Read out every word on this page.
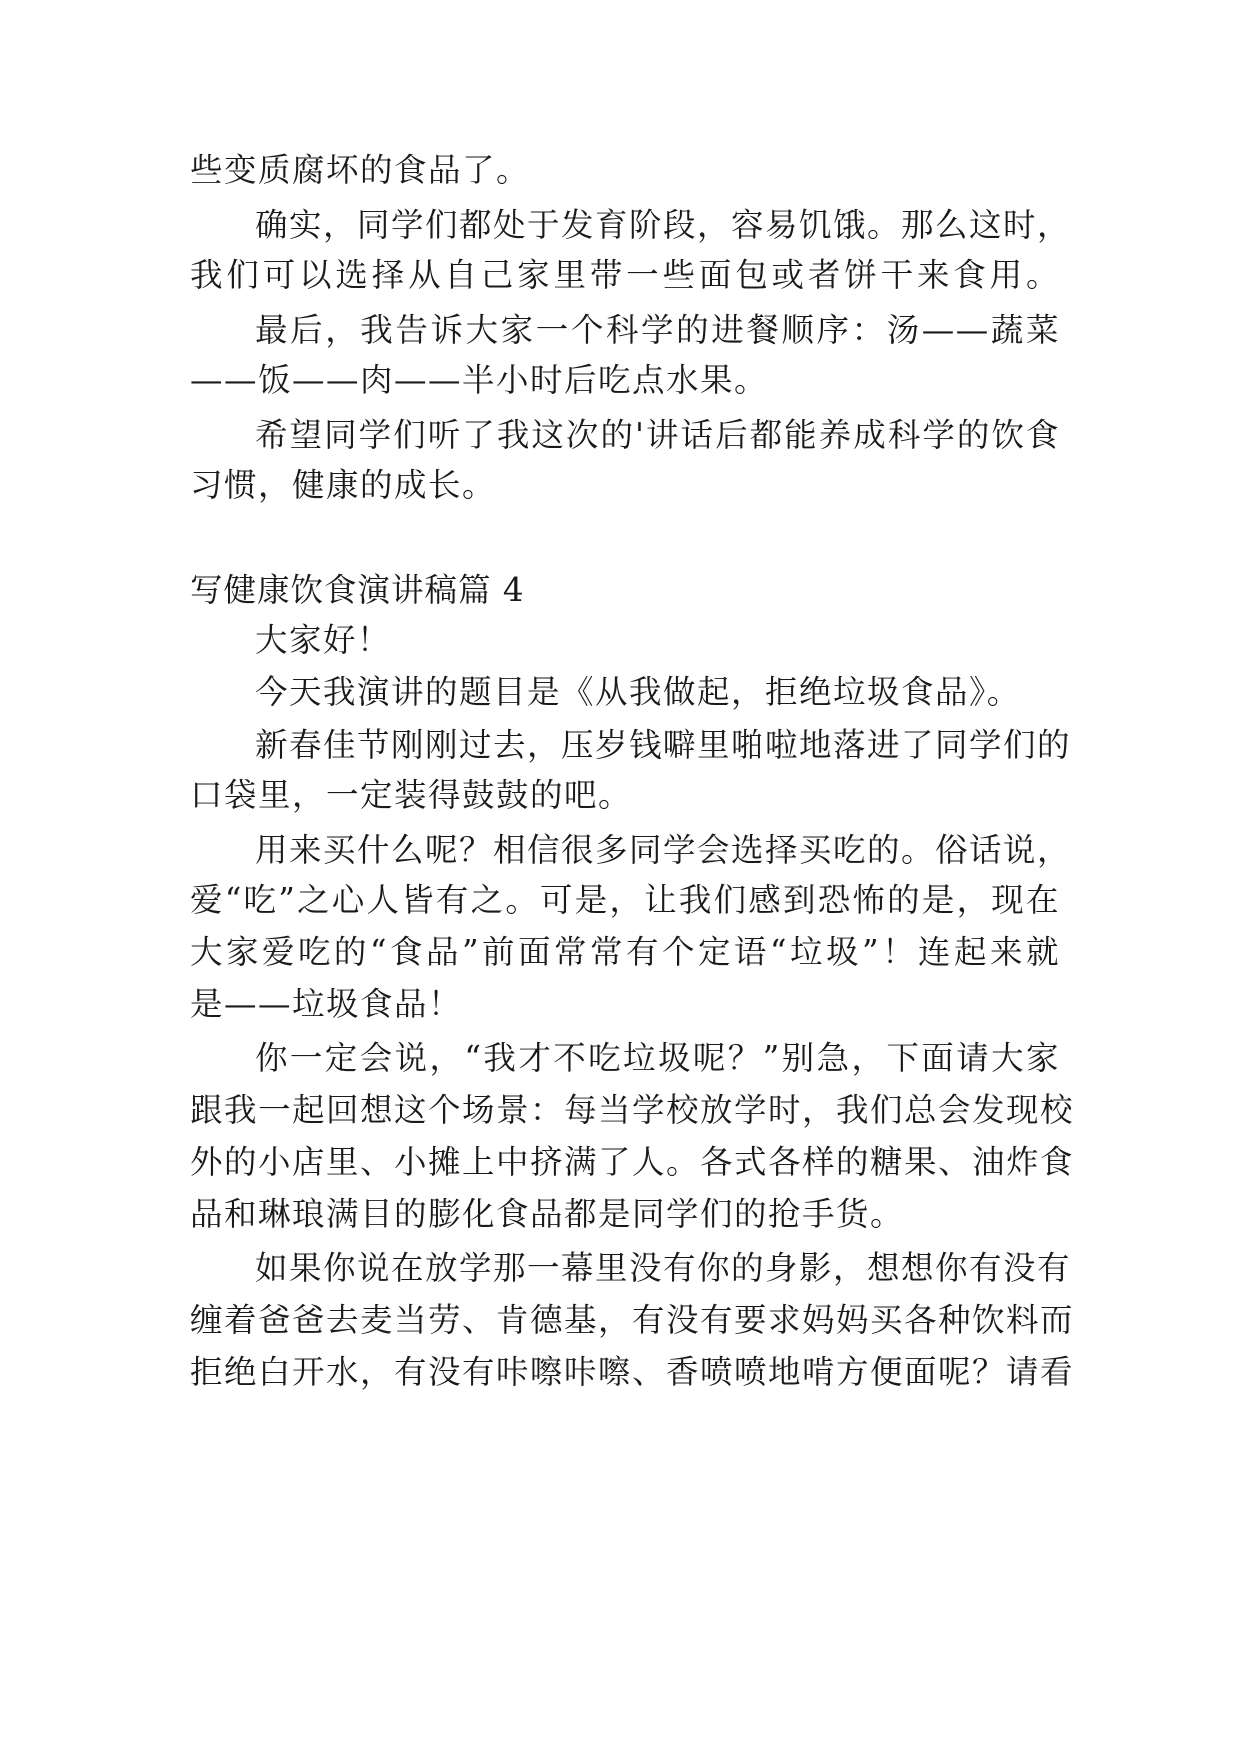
些变质腐坏的食品了。
确实，同学们都处于发育阶段，容易饥饿。那么这时，
我们可以选择从自己家里带一些面包或者饼干来食用。
最后，我告诉大家一个科学的进餐顺序：汤——蔬菜
——饭——肉——半小时后吃点水果。
希望同学们听了我这次的'讲话后都能养成科学的饮食
习惯，健康的成长。
写健康饮食演讲稿篇 4
大家好！
今天我演讲的题目是《从我做起，拒绝垃圾食品》。
新春佳节刚刚过去，压岁钱噼里啪啦地落进了同学们的
口袋里，一定装得鼓鼓的吧。
用来买什么呢？相信很多同学会选择买吃的。俗话说，
爱“吃”之心人皆有之。可是，让我们感到恐怖的是，现在
大家爱吃的“食品”前面常常有个定语“垃圾”！连起来就
是——垃圾食品！
你一定会说，“我才不吃垃圾呢？”别急，下面请大家
跟我一起回想这个场景：每当学校放学时，我们总会发现校
外的小店里、小摊上中挤满了人。各式各样的糖果、油炸食
品和琳琅满目的膨化食品都是同学们的抢手货。
如果你说在放学那一幕里没有你的身影，想想你有没有
缠着爸爸去麦当劳、肯德基，有没有要求妈妈买各种饮料而
拒绝白开水，有没有咔嚓咔嚓、香喷喷地啃方便面呢？请看
